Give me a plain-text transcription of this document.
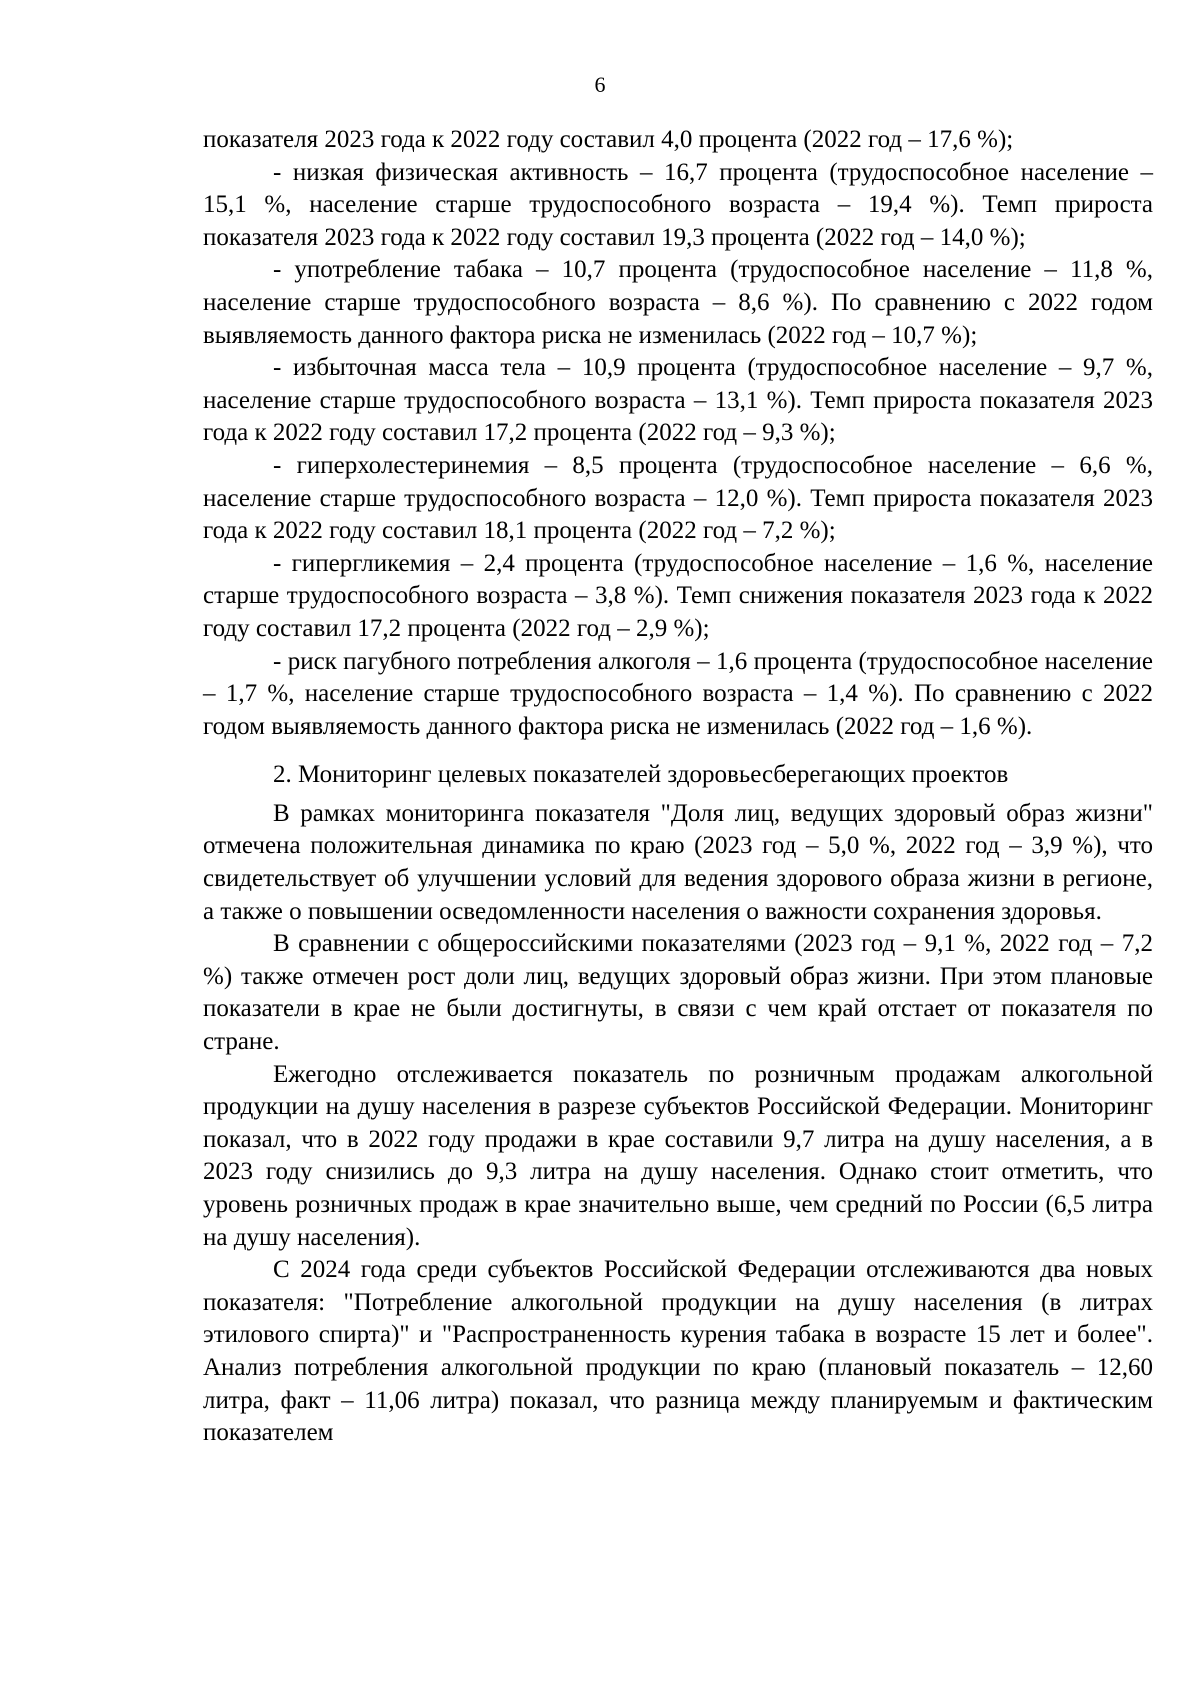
6

показателя 2023 года к 2022 году составил 4,0 процента (2022 год – 17,6 %);

- низкая физическая активность – 16,7 процента (трудоспособное население – 15,1 %, население старше трудоспособного возраста – 19,4 %). Темп прироста показателя 2023 года к 2022 году составил 19,3 процента (2022 год – 14,0 %);

- употребление табака – 10,7 процента (трудоспособное население – 11,8 %, население старше трудоспособного возраста – 8,6 %). По сравнению с 2022 годом выявляемость данного фактора риска не изменилась (2022 год – 10,7 %);

- избыточная масса тела – 10,9 процента (трудоспособное население – 9,7 %, население старше трудоспособного возраста – 13,1 %). Темп прироста показателя 2023 года к 2022 году составил 17,2 процента (2022 год – 9,3 %);

- гиперхолестеринемия – 8,5 процента (трудоспособное население – 6,6 %, население старше трудоспособного возраста – 12,0 %). Темп прироста показателя 2023 года к 2022 году составил 18,1 процента (2022 год – 7,2 %);

- гипергликемия – 2,4 процента (трудоспособное население – 1,6 %, население старше трудоспособного возраста – 3,8 %). Темп снижения показателя 2023 года к 2022 году составил 17,2 процента (2022 год – 2,9 %);

- риск пагубного потребления алкоголя – 1,6 процента (трудоспособное население – 1,7 %, население старше трудоспособного возраста – 1,4 %). По сравнению с 2022 годом выявляемость данного фактора риска не изменилась (2022 год – 1,6 %).

2. Мониторинг целевых показателей здоровьесберегающих проектов

В рамках мониторинга показателя "Доля лиц, ведущих здоровый образ жизни" отмечена положительная динамика по краю (2023 год – 5,0 %, 2022 год – 3,9 %), что свидетельствует об улучшении условий для ведения здорового образа жизни в регионе, а также о повышении осведомленности населения о важности сохранения здоровья.

В сравнении с общероссийскими показателями (2023 год – 9,1 %, 2022 год – 7,2 %) также отмечен рост доли лиц, ведущих здоровый образ жизни. При этом плановые показатели в крае не были достигнуты, в связи с чем край отстает от показателя по стране.

Ежегодно отслеживается показатель по розничным продажам алкогольной продукции на душу населения в разрезе субъектов Российской Федерации. Мониторинг показал, что в 2022 году продажи в крае составили 9,7 литра на душу населения, а в 2023 году снизились до 9,3 литра на душу населения. Однако стоит отметить, что уровень розничных продаж в крае значительно выше, чем средний по России (6,5 литра на душу населения).

С 2024 года среди субъектов Российской Федерации отслеживаются два новых показателя: "Потребление алкогольной продукции на душу населения (в литрах этилового спирта)" и "Распространенность курения табака в возрасте 15 лет и более". Анализ потребления алкогольной продукции по краю (плановый показатель – 12,60 литра, факт – 11,06 литра) показал, что разница между планируемым и фактическим показателем
